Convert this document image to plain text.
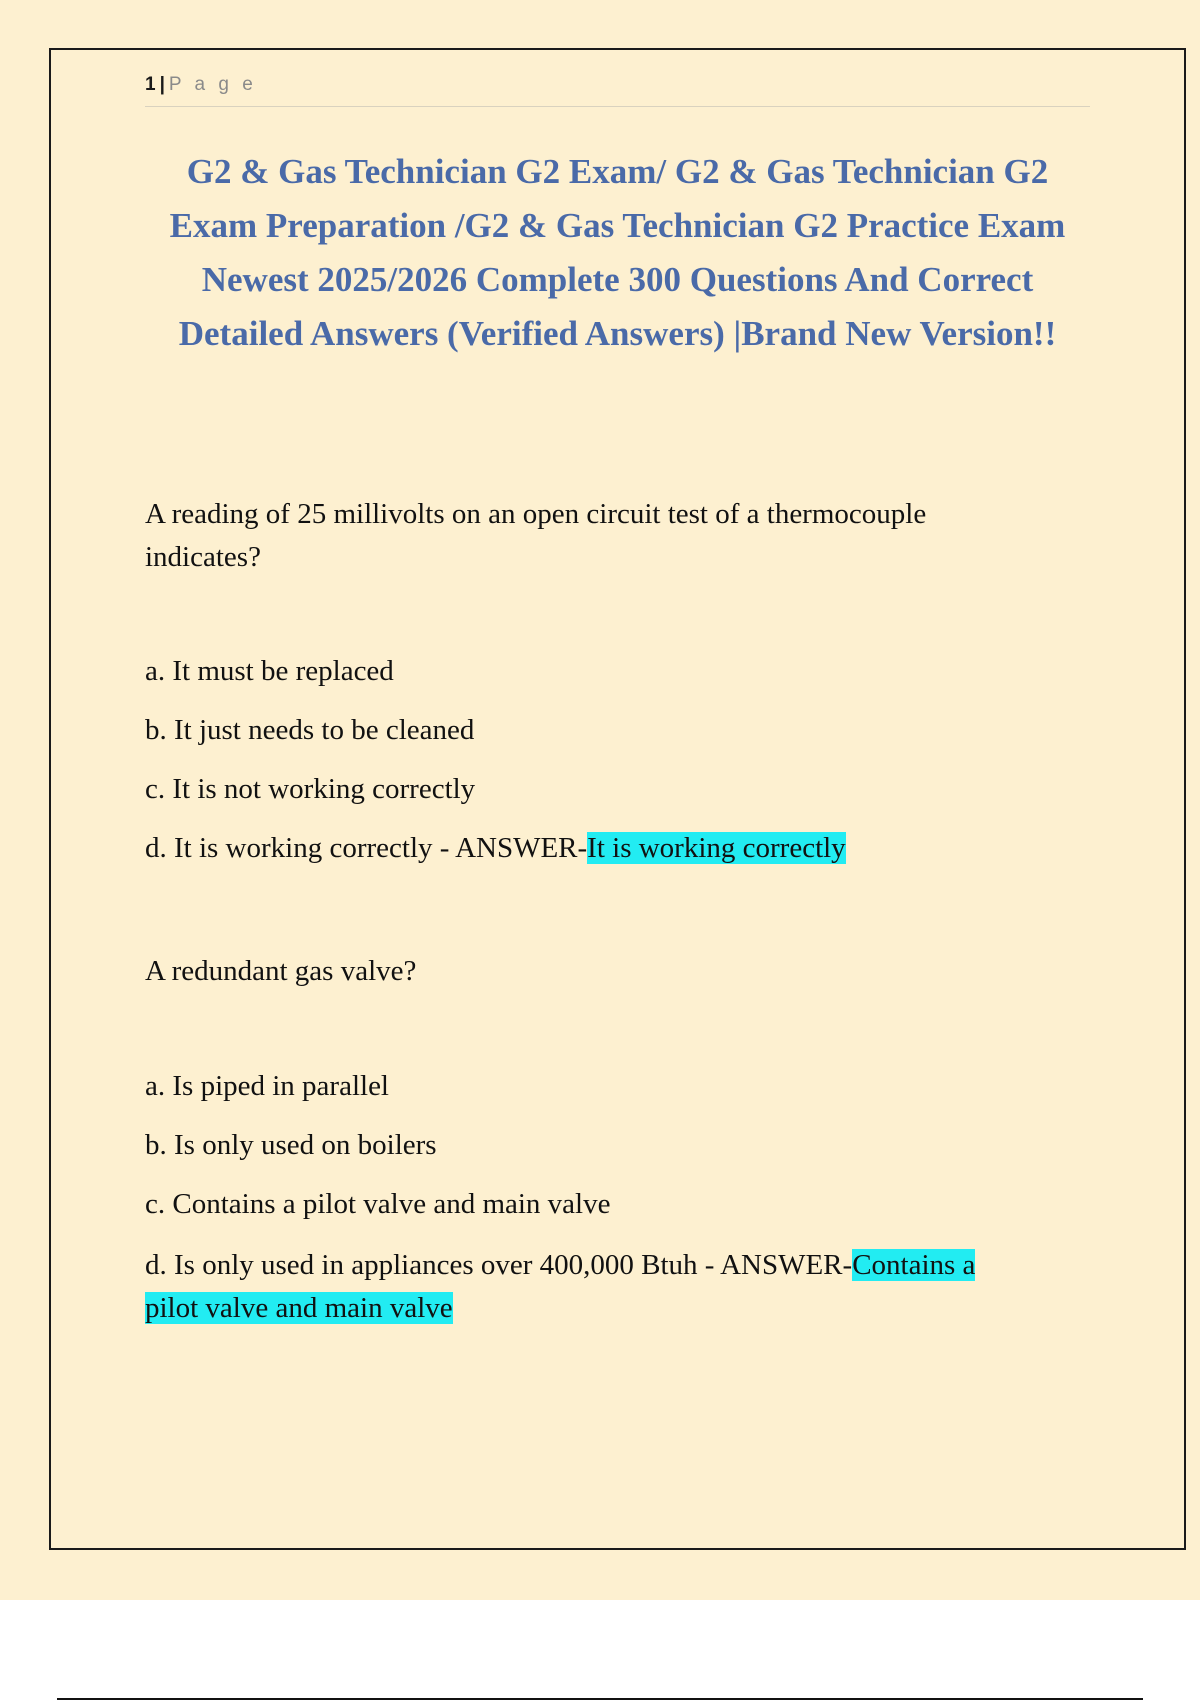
1 | P a g e
G2 & Gas Technician G2 Exam/ G2 & Gas Technician G2
Exam Preparation /G2 & Gas Technician G2 Practice Exam
Newest 2025/2026 Complete 300 Questions And Correct
Detailed Answers (Verified Answers) |Brand New Version!!
A reading of 25 millivolts on an open circuit test of a thermocouple
indicates?
a. It must be replaced
b. It just needs to be cleaned
c. It is not working correctly
d. It is working correctly - ANSWER-It is working correctly
A redundant gas valve?
a. Is piped in parallel
b. Is only used on boilers
c. Contains a pilot valve and main valve
d. Is only used in appliances over 400,000 Btuh - ANSWER-Contains a
pilot valve and main valve
